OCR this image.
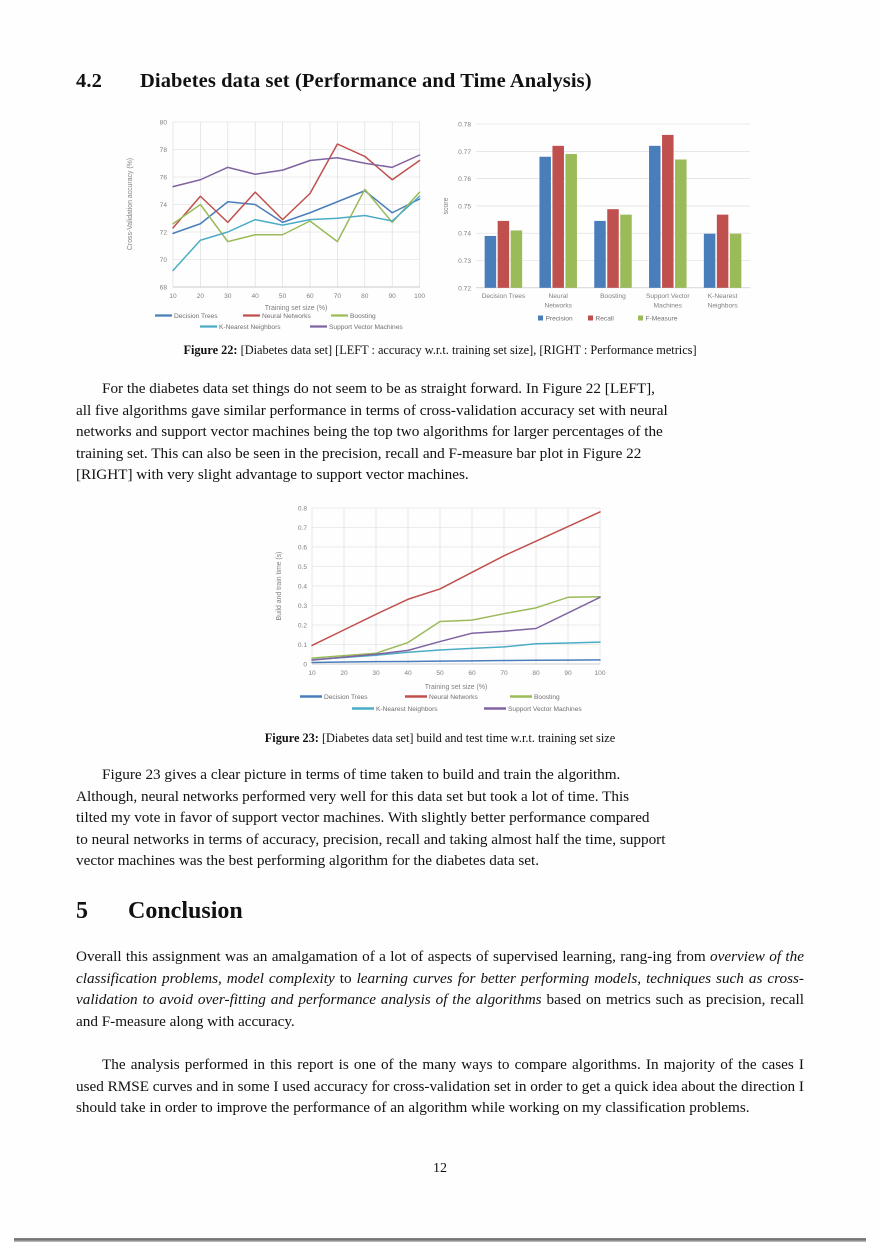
4.2 Diabetes data set (Performance and Time Analysis)
80
78
76
74
72
70
68
10	20	30	40	50	60	70	80	90	100
Training set size (%)
Cross-Validation accuracy (%)
Decision Trees	Neural Networks	Boosting
K-Nearest Neighbors	Support Vector Machines
0.78
0.77
0.76
0.75
0.74
0.73
0.72
score
Decision Trees	Neural
Networks
Boosting	Support Vector
Machines
K-Nearest
Neighbors
Precision	Recall	F-Measure

Figure 22: [Diabetes data set] [LEFT : accuracy w.r.t. training set size], [RIGHT : Performance metrics]

For the diabetes data set things do not seem to be as straight forward. In Figure 22 [LEFT],
all five algorithms gave similar performance in terms of cross-validation accuracy set with neural
networks and support vector machines being the top two algorithms for larger percentages of the
training set. This can also be seen in the precision, recall and F-measure bar plot in Figure 22
[RIGHT] with very slight advantage to support vector machines.

0.8
0.7
0.6
0.5
0.4
0.3
0.2
0.1
0
10	20	30	40	50	60	70	80	90	100
Training set size (%)
Build and train time (s)
Decision Trees	Neural Networks	Boosting
K-Nearest Neighbors	Support Vector Machines

Figure 23: [Diabetes data set] build and test time w.r.t. training set size

Figure 23 gives a clear picture in terms of time taken to build and train the algorithm.
Although, neural networks performed very well for this data set but took a lot of time. This
tilted my vote in favor of support vector machines. With slightly better performance compared
to neural networks in terms of accuracy, precision, recall and taking almost half the time, support
vector machines was the best performing algorithm for the diabetes data set.

5 Conclusion

Overall this assignment was an amalgamation of a lot of aspects of supervised learning, rang-ing from overview of the classification problems, model complexity to learning curves for better performing models, techniques such as cross-validation to avoid over-fitting and performance analysis of the algorithms based on metrics such as precision, recall and F-measure along with accuracy.

The analysis performed in this report is one of the many ways to compare algorithms. In majority of the cases I used RMSE curves and in some I used accuracy for cross-validation set in order to get a quick idea about the direction I should take in order to improve the performance of an algorithm while working on my classification problems.

12
